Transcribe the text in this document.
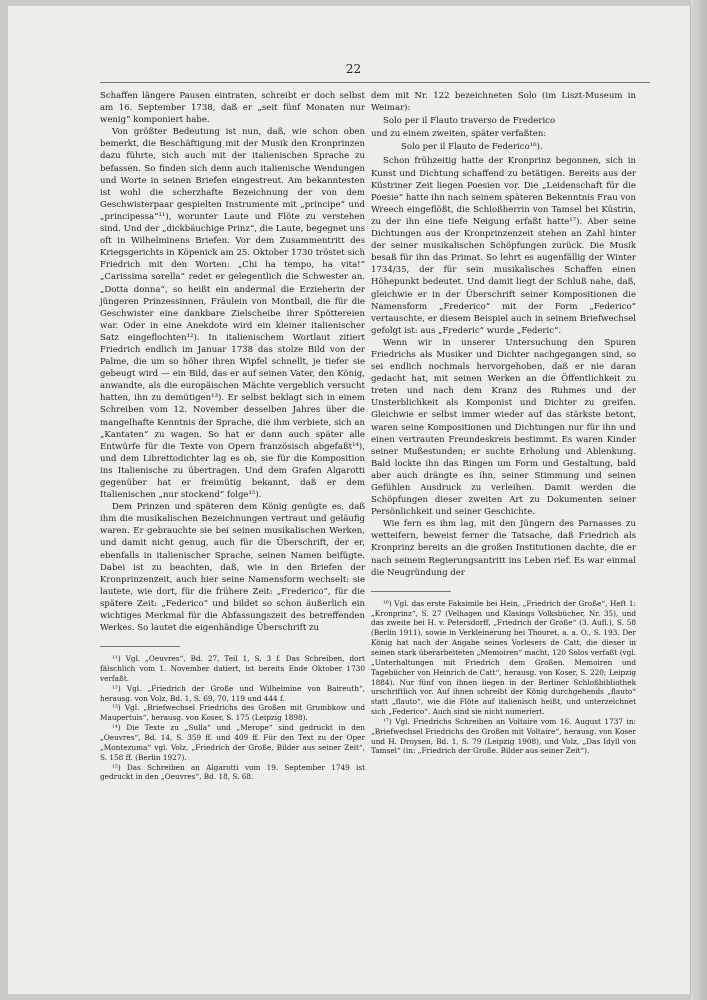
22

Schaffen längere Pausen eintraten, schreibt er doch selbst am 16. September 1738, daß er „seit fünf Monaten nur wenig“ komponiert habe.

Von größter Bedeutung ist nun, daß, wie schon oben bemerkt, die Beschäftigung mit der Musik den Kronprinzen dazu führte, sich auch mit der italienischen Sprache zu befassen. So finden sich denn auch italienische Wendungen und Worte in seinen Briefen eingestreut. Am bekanntesten ist wohl die scherzhafte Bezeichnung der von dem Geschwisterpaar gespielten Instrumente mit „principe“ und „principessa“¹¹), worunter Laute und Flöte zu verstehen sind. Und der „dickbäuchige Prinz“, die Laute, begegnet uns oft in Wilhelminens Briefen. Vor dem Zusammentritt des Kriegsgerichts in Köpenick am 25. Oktober 1730 tröstet sich Friedrich mit den Worten: „Chi ha tempo, ha vita!“ „Carissima sorella“ redet er gelegentlich die Schwester an. „Dotta donna“, so heißt ein andermal die Erzieherin der jüngeren Prinzessinnen, Fräulein von Montbail, die für die Geschwister eine dankbare Zielscheibe ihrer Spöttereien war. Oder in eine Anekdote wird ein kleiner italienischer Satz eingeflochten¹²). In italienischem Wortlaut zitiert Friedrich endlich im Januar 1738 das stolze Bild von der Palme, die um so höher ihren Wipfel schnellt, je tiefer sie gebeugt wird — ein Bild, das er auf seinen Vater, den König, anwandte, als die europäischen Mächte vergeblich versucht hatten, ihn zu demütigen¹³). Er selbst beklagt sich in einem Schreiben vom 12. November desselben Jahres über die mangelhafte Kenntnis der Sprache, die ihm verbiete, sich an „Kantaten“ zu wagen. So hat er dann auch später alle Entwürfe für die Texte von Opern französisch abgefaßt¹⁴), und dem Librettodichter lag es ob, sie für die Komposition ins Italienische zu übertragen. Und dem Grafen Algarotti gegenüber hat er freimütig bekannt, daß er dem Italienischen „nur stockend“ folge¹⁵).

Dem Prinzen und späteren dem König genügte es, daß ihm die musikalischen Bezeichnungen vertraut und geläufig waren. Er gebrauchte sie bei seinen musikalischen Werken, und damit nicht genug, auch für die Überschrift, der er, ebenfalls in italienischer Sprache, seinen Namen beifügte. Dabei ist zu beachten, daß, wie in den Briefen der Kronprinzenzeit, auch hier seine Namensform wechselt: sie lautete, wie dort, für die frühere Zeit: „Frederico“, für die spätere Zeit: „Federico“ und bildet so schon äußerlich ein wichtiges Merkmal für die Abfassungszeit des betreffenden Werkes. So lautet die eigenhändige Überschrift zu

¹¹) Vgl. „Oeuvres“, Bd. 27, Teil 1, S. 3 f. Das Schreiben, dort fälschlich vom 1. November datiert, ist bereits Ende Oktober 1730 verfaßt.

¹²) Vgl. „Friedrich der Große und Wilhelmine von Baireuth“, herausg. von Volz, Bd. 1, S. 69, 70, 119 und 444 f.

¹³) Vgl. „Briefwechsel Friedrichs des Großen mit Grumbkow und Maupertuis“, herausg. von Koser, S. 175 (Leipzig 1898).

¹⁴) Die Texte zu „Sulla“ und „Merope“ sind gedruckt in den „Oeuvres“, Bd. 14, S. 359 ff. und 409 ff. Für den Text zu der Oper „Montezuma“ vgl. Volz, „Friedrich der Große, Bilder aus seiner Zeit“, S. 158 ff. (Berlin 1927).

¹⁵) Das Schreiben an Algarotti vom 19. September 1749 ist gedruckt in den „Oeuvres“, Bd. 18, S. 68.

dem mit Nr. 122 bezeichneten Solo (im Liszt-Museum in Weimar):

Solo per il Flauto traverso de Frederico

und zu einem zweiten, später verfaßten:

Solo per il Flauto de Federico¹⁶).

Schon frühzeitig hatte der Kronprinz begonnen, sich in Kunst und Dichtung schaffend zu betätigen. Bereits aus der Küstriner Zeit liegen Poesien vor. Die „Leidenschaft für die Poesie“ hatte ihn nach seinem späteren Bekenntnis Frau von Wreech eingeflößt, die Schloßherrin von Tamsel bei Küstrin, zu der ihn eine tiefe Neigung erfaßt hatte¹⁷). Aber seine Dichtungen aus der Kronprinzenzeit stehen an Zahl hinter der seiner musikalischen Schöpfungen zurück. Die Musik besaß für ihn das Primat. So lehrt es augenfällig der Winter 1734/35, der für sein musikalisches Schaffen einen Höhepunkt bedeutet. Und damit liegt der Schluß nahe, daß, gleichwie er in der Überschrift seiner Kompositionen die Namensform „Frederico“ mit der Form „Federico“ vertauschte, er diesem Beispiel auch in seinem Briefwechsel gefolgt ist: aus „Frederic“ wurde „Federic“.

Wenn wir in unserer Untersuchung den Spuren Friedrichs als Musiker und Dichter nachgegangen sind, so sei endlich nochmals hervorgehoben, daß er nie daran gedacht hat, mit seinen Werken an die Öffentlichkeit zu treten und nach dem Kranz des Ruhmes und der Unsterblichkeit als Komponist und Dichter zu greifen. Gleichwie er selbst immer wieder auf das stärkste betont, waren seine Kompositionen und Dichtungen nur für ihn und einen vertrauten Freundeskreis bestimmt. Es waren Kinder seiner Mußestunden; er suchte Erholung und Ablenkung. Bald lockte ihn das Ringen um Form und Gestaltung, bald aber auch drängte es ihn, seiner Stimmung und seinen Gefühlen Ausdruck zu verleihen. Damit werden die Schöpfungen dieser zweiten Art zu Dokumenten seiner Persönlichkeit und seiner Geschichte.

Wie fern es ihm lag, mit den Jüngern des Parnasses zu wetteifern, beweist ferner die Tatsache, daß Friedrich als Kronprinz bereits an die großen Institutionen dachte, die er nach seinem Regierungsantritt ins Leben rief. Es war einmal die Neugründung der

¹⁶) Vgl. das erste Faksimile bei Hein, „Friedrich der Große“, Heft 1: „Kronprinz“, S. 27 (Velhagen und Klasings Volksbücher, Nr. 35), und das zweite bei H. v. Petersdorff, „Friedrich der Große“ (3. Aufl.), S. 58 (Berlin 1911), sowie in Verkleinerung bei Thouret, a. a. O., S. 193. Der König hat nach der Angabe seines Vorlesers de Catt, die dieser in seinen stark überarbeiteten „Memoiren“ macht, 120 Solos verfaßt (vgl. „Unterhaltungen mit Friedrich dem Großen. Memoiren und Tagebücher von Heinrich de Catt“, herausg. von Koser, S. 220; Leipzig 1884). Nur fünf von ihnen liegen in der Berliner Schloßbibliothek urschriftlich vor. Auf ihnen schreibt der König durchgehends „flauto“ statt „flauto“, wie die Flöte auf italienisch heißt, und unterzeichnet sich „Federico“. Auch sind sie nicht numeriert.

¹⁷) Vgl. Friedrichs Schreiben an Voltaire vom 16. August 1737 in: „Briefwechsel Friedrichs des Großen mit Voltaire“, herausg. von Koser und H. Droysen, Bd. 1, S. 79 (Leipzig 1908), und Volz, „Das Idyll von Tamsel“ (in: „Friedrich der Große. Bilder aus seiner Zeit“).
